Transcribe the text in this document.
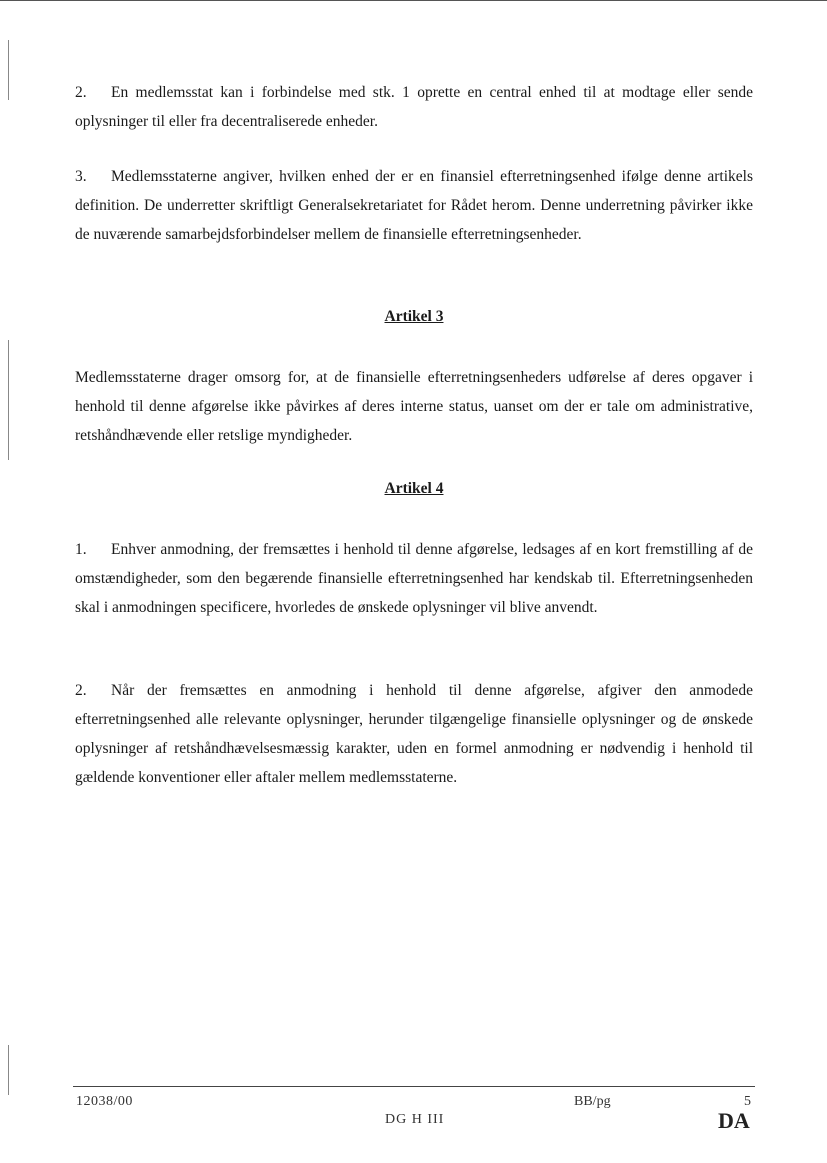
2. En medlemsstat kan i forbindelse med stk. 1 oprette en central enhed til at modtage eller sende oplysninger til eller fra decentraliserede enheder.

3. Medlemsstaterne angiver, hvilken enhed der er en finansiel efterretningsenhed ifølge denne artikels definition. De underretter skriftligt Generalsekretariatet for Rådet herom. Denne underretning påvirker ikke de nuværende samarbejdsforbindelser mellem de finansielle efterretningsenheder.

Artikel 3

Medlemsstaterne drager omsorg for, at de finansielle efterretningsenheders udførelse af deres opgaver i henhold til denne afgørelse ikke påvirkes af deres interne status, uanset om der er tale om administrative, retshåndhævende eller retslige myndigheder.

Artikel 4

1. Enhver anmodning, der fremsættes i henhold til denne afgørelse, ledsages af en kort fremstilling af de omstændigheder, som den begærende finansielle efterretningsenhed har kendskab til. Efterretningsenheden skal i anmodningen specificere, hvorledes de ønskede oplysninger vil blive anvendt.

2. Når der fremsættes en anmodning i henhold til denne afgørelse, afgiver den anmodede efterretningsenhed alle relevante oplysninger, herunder tilgængelige finansielle oplysninger og de ønskede oplysninger af retshåndhævelsesmæssig karakter, uden en formel anmodning er nødvendig i henhold til gældende konventioner eller aftaler mellem medlemsstaterne.

12038/00	BB/pg	5

DG H III	DA
